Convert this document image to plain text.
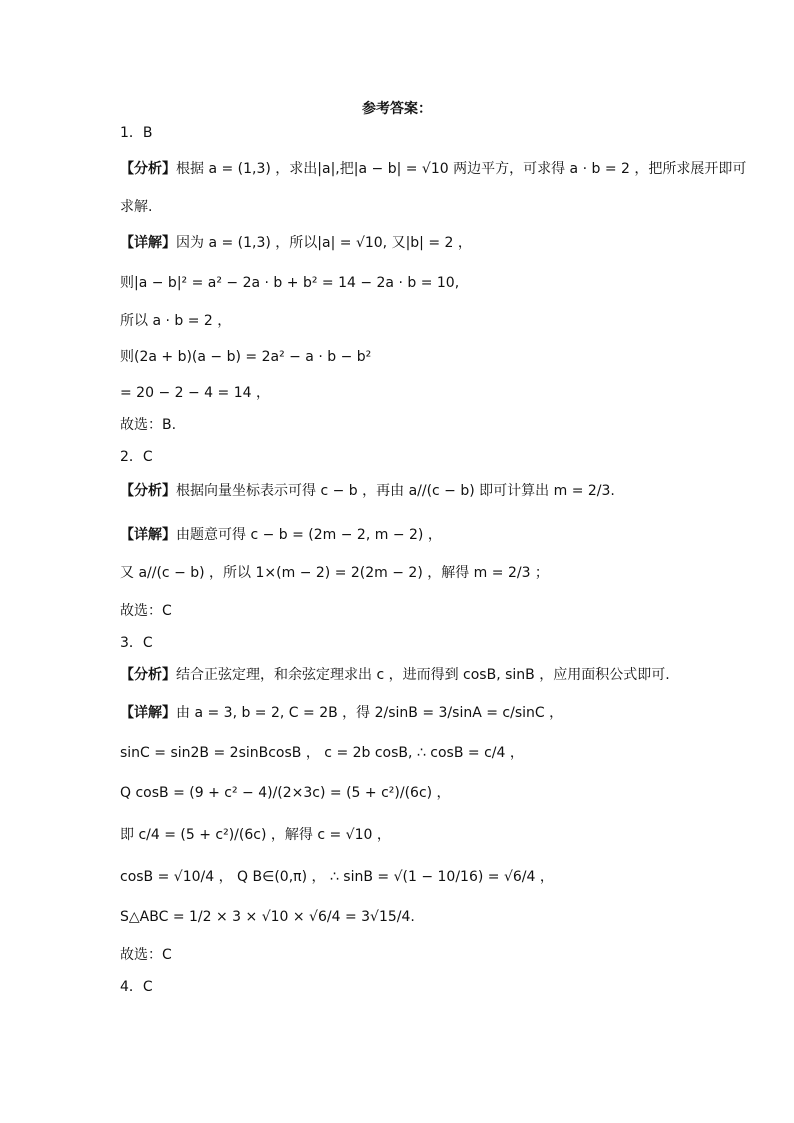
参考答案：
1．B
【分析】根据 a = (1,3) ，求出|a|,把|a − b| = √10 两边平方，可求得 a · b = 2 ，把所求展开即可
求解.
【详解】因为 a = (1,3) ，所以|a| = √10, 又|b| = 2 ，
则|a − b|² = a² − 2a · b + b² = 14 − 2a · b = 10,
所以 a · b = 2 ，
则(2a + b)(a − b) = 2a² − a · b − b²
= 20 − 2 − 4 = 14 ，
故选：B.
2．C
【分析】根据向量坐标表示可得 c − b ，再由 a//(c − b) 即可计算出 m = 2/3.
【详解】由题意可得 c − b = (2m − 2, m − 2) ，
又 a//(c − b) ，所以 1×(m − 2) = 2(2m − 2) ，解得 m = 2/3 ；
故选：C
3．C
【分析】结合正弦定理，和余弦定理求出 c ，进而得到 cosB, sinB ，应用面积公式即可.
【详解】由 a = 3, b = 2, C = 2B ，得 2/sinB = 3/sinA = c/sinC ，
sinC = sin2B = 2sinBcosB ， c = 2b cosB, ∴ cosB = c/4 ，
Q cosB = (9 + c² − 4)/(2×3c) = (5 + c²)/(6c) ，
即 c/4 = (5 + c²)/(6c) ，解得 c = √10 ，
cosB = √10/4 ， Q B∈(0,π) ， ∴ sinB = √(1 − 10/16) = √6/4 ，
S△ABC = 1/2 × 3 × √10 × √6/4 = 3√15/4.
故选：C
4．C
